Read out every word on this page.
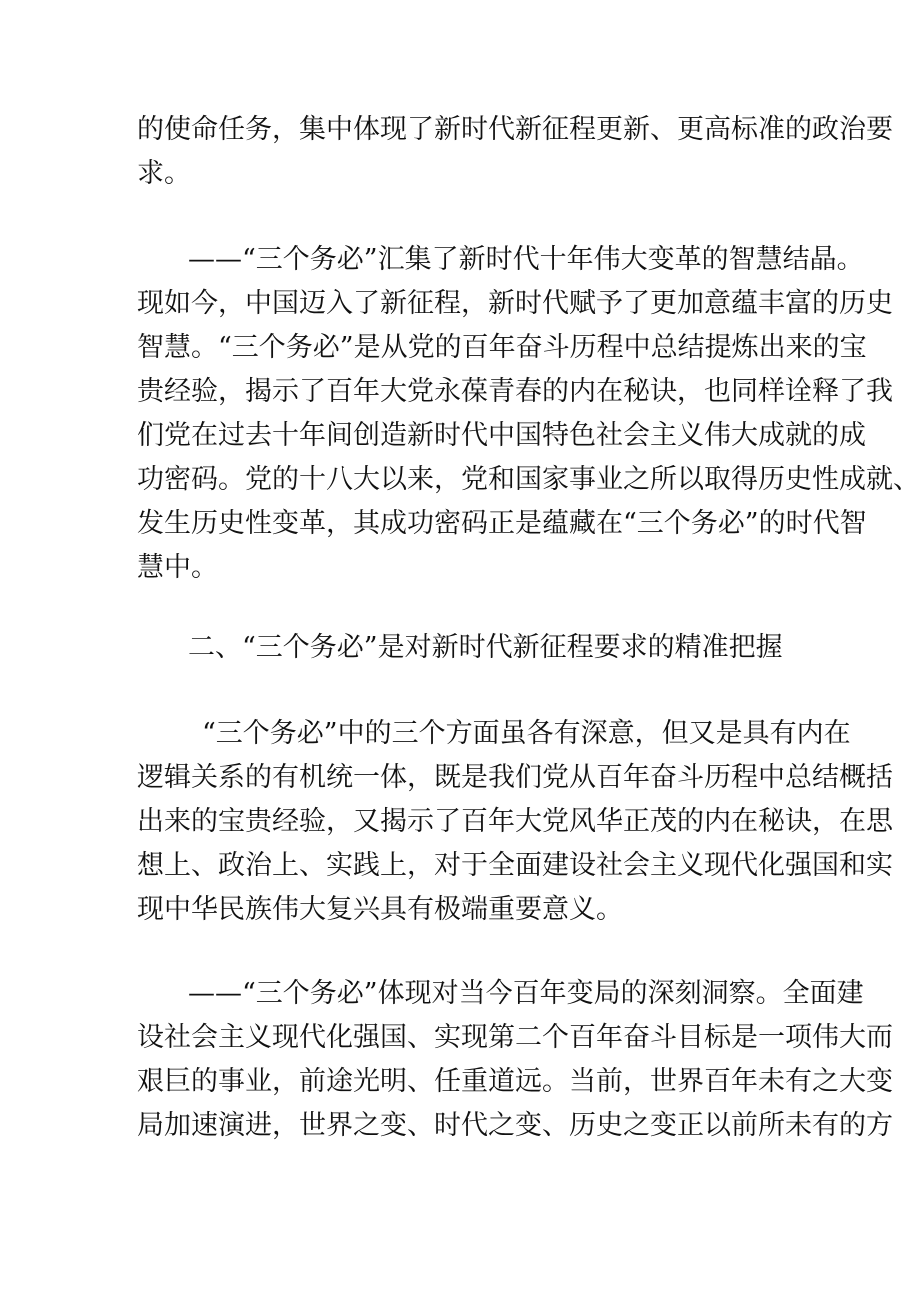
的使命任务，集中体现了新时代新征程更新、更高标准的政治要
求。
——“三个务必”汇集了新时代十年伟大变革的智慧结晶。
现如今，中国迈入了新征程，新时代赋予了更加意蕴丰富的历史
智慧。“三个务必”是从党的百年奋斗历程中总结提炼出来的宝
贵经验，揭示了百年大党永葆青春的内在秘诀，也同样诠释了我
们党在过去十年间创造新时代中国特色社会主义伟大成就的成
功密码。党的十八大以来，党和国家事业之所以取得历史性成就、
发生历史性变革，其成功密码正是蕴藏在“三个务必”的时代智
慧中。
二、“三个务必”是对新时代新征程要求的精准把握
“三个务必”中的三个方面虽各有深意，但又是具有内在
逻辑关系的有机统一体，既是我们党从百年奋斗历程中总结概括
出来的宝贵经验，又揭示了百年大党风华正茂的内在秘诀，在思
想上、政治上、实践上，对于全面建设社会主义现代化强国和实
现中华民族伟大复兴具有极端重要意义。
——“三个务必”体现对当今百年变局的深刻洞察。全面建
设社会主义现代化强国、实现第二个百年奋斗目标是一项伟大而
艰巨的事业，前途光明、任重道远。当前，世界百年未有之大变
局加速演进，世界之变、时代之变、历史之变正以前所未有的方
